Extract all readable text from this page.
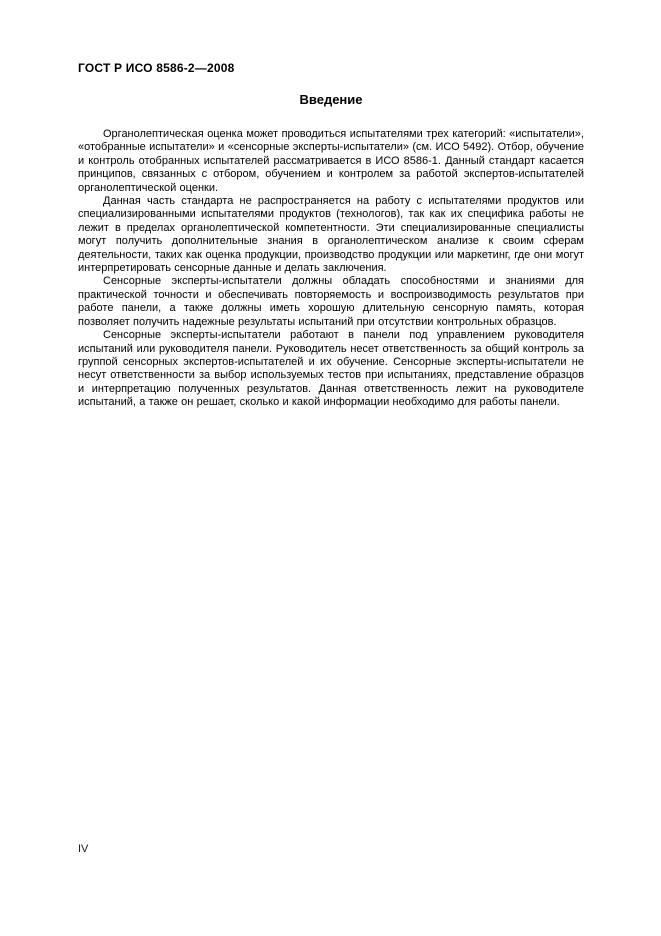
ГОСТ Р ИСО 8586-2—2008
Введение

Органолептическая оценка может проводиться испытателями трех категорий: «испытатели», «отобранные испытатели» и «сенсорные эксперты-испытатели» (см. ИСО 5492). Отбор, обучение и контроль отобранных испытателей рассматривается в ИСО 8586-1. Данный стандарт касается принципов, связанных с отбором, обучением и контролем за работой экспертов-испытателей органолептической оценки.

Данная часть стандарта не распространяется на работу с испытателями продуктов или специализированными испытателями продуктов (технологов), так как их специфика работы не лежит в пределах органолептической компетентности. Эти специализированные специалисты могут получить дополнительные знания в органолептическом анализе к своим сферам деятельности, таких как оценка продукции, производство продукции или маркетинг, где они могут интерпретировать сенсорные данные и делать заключения.

Сенсорные эксперты-испытатели должны обладать способностями и знаниями для практической точности и обеспечивать повторяемость и воспроизводимость результатов при работе панели, а также должны иметь хорошую длительную сенсорную память, которая позволяет получить надежные результаты испытаний при отсутствии контрольных образцов.

Сенсорные эксперты-испытатели работают в панели под управлением руководителя испытаний или руководителя панели. Руководитель несет ответственность за общий контроль за группой сенсорных экспертов-испытателей и их обучение. Сенсорные эксперты-испытатели не несут ответственности за выбор используемых тестов при испытаниях, представление образцов и интерпретацию полученных результатов. Данная ответственность лежит на руководителе испытаний, а также он решает, сколько и какой информации необходимо для работы панели.

IV
